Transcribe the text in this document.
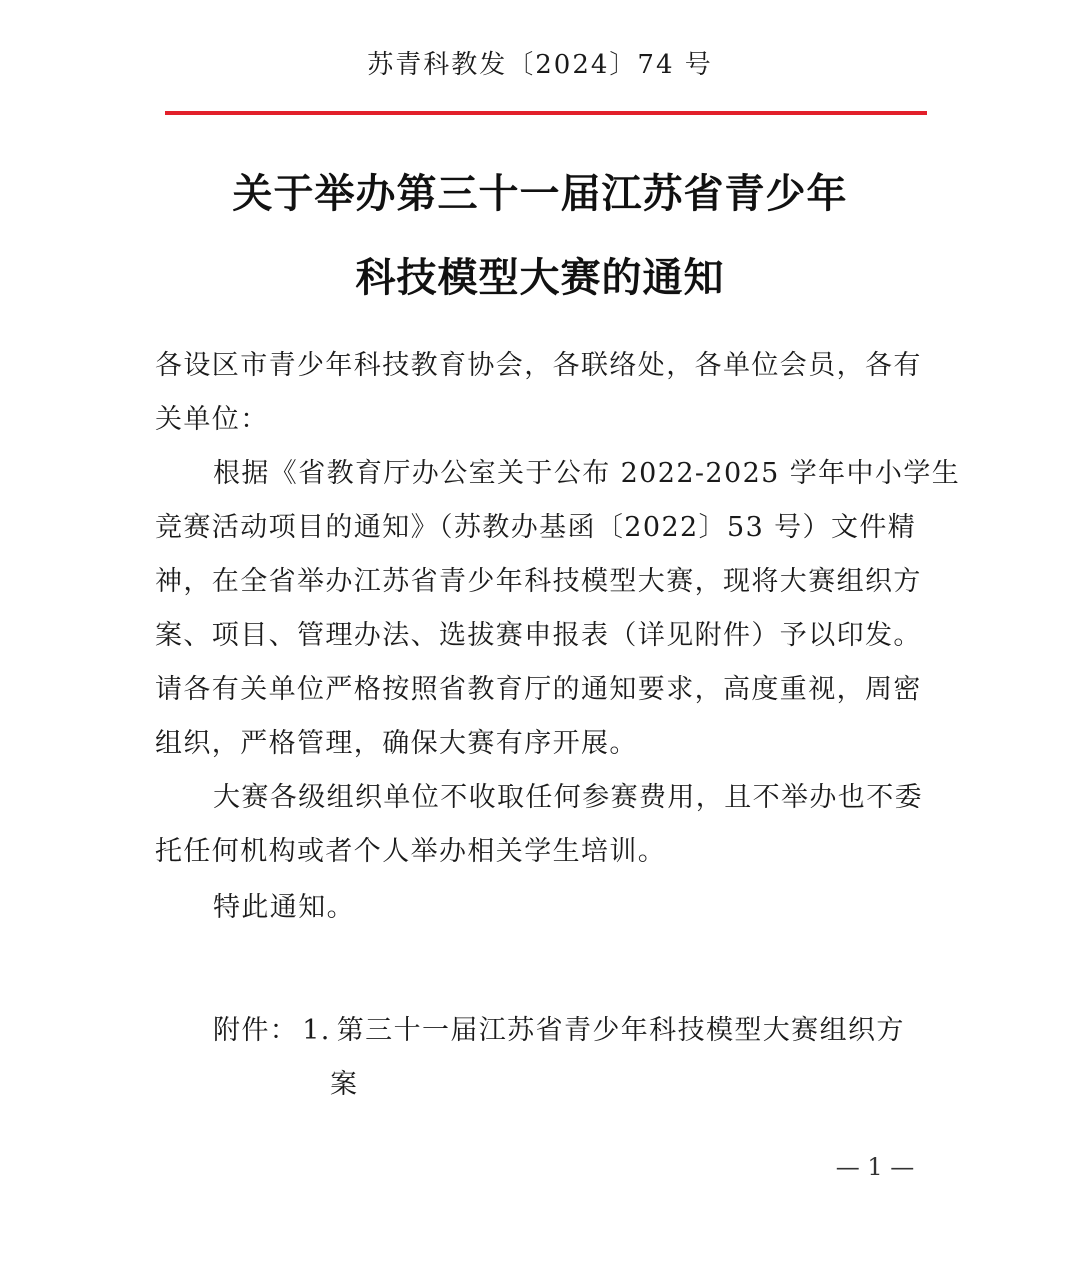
苏青科教发〔2024〕74 号
关于举办第三十一届江苏省青少年
科技模型大赛的通知
各设区市青少年科技教育协会，各联络处，各单位会员，各有
关单位：
根据《省教育厅办公室关于公布 2022-2025 学年中小学生
竞赛活动项目的通知》（苏教办基函〔2022〕53 号）文件精
神，在全省举办江苏省青少年科技模型大赛，现将大赛组织方
案、项目、管理办法、选拔赛申报表（详见附件）予以印发。
请各有关单位严格按照省教育厅的通知要求，高度重视，周密
组织，严格管理，确保大赛有序开展。
大赛各级组织单位不收取任何参赛费用，且不举办也不委
托任何机构或者个人举办相关学生培训。
特此通知。
附件： 1. 第三十一届江苏省青少年科技模型大赛组织方
案
— 1 —
